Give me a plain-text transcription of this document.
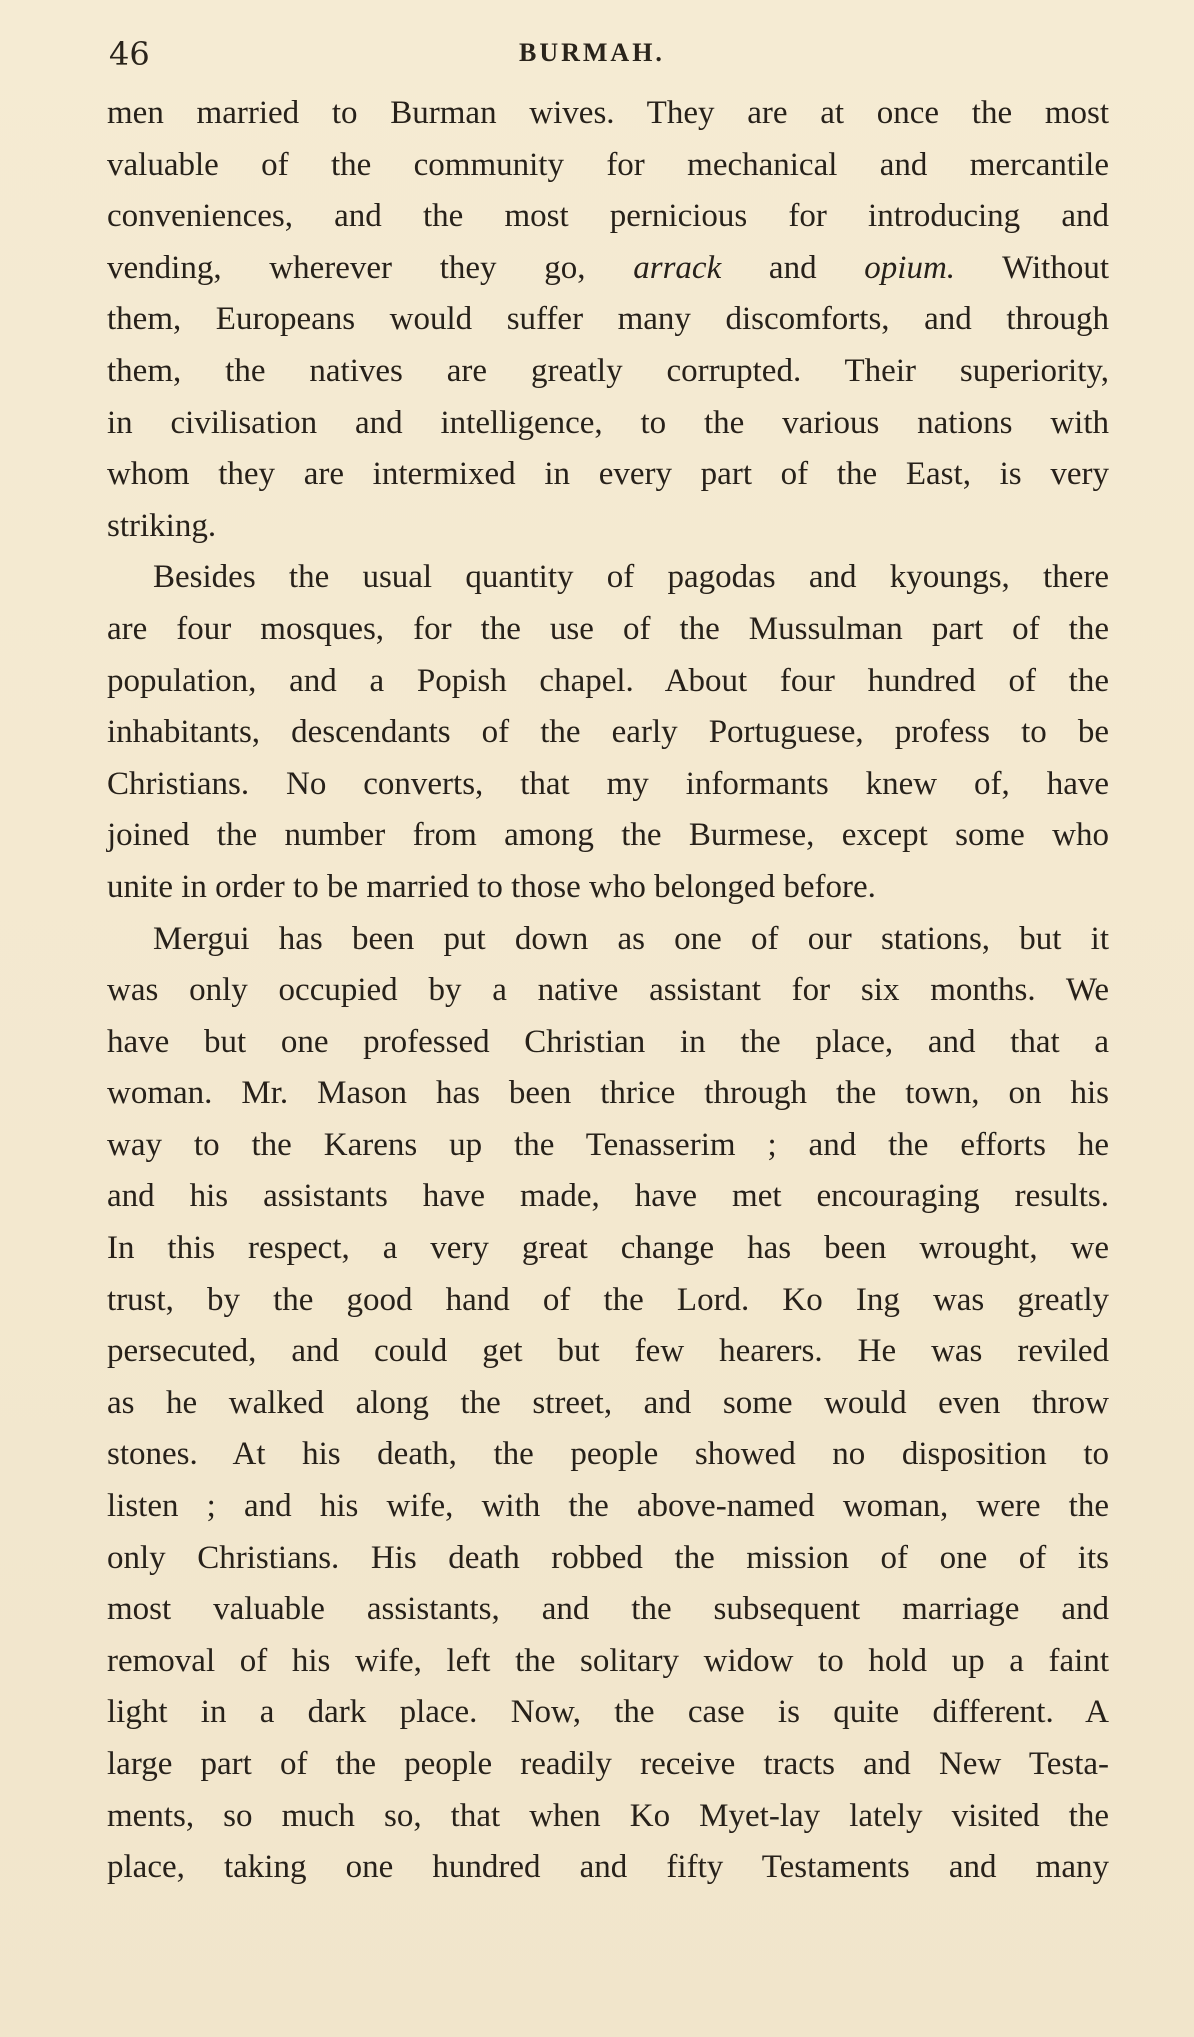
46	BURMAH.
men married to Burman wives. They are at once the most
valuable of the community for mechanical and mercantile
conveniences, and the most pernicious for introducing and
vending, wherever they go, arrack and opium. Without
them, Europeans would suffer many discomforts, and through
them, the natives are greatly corrupted. Their superiority,
in civilisation and intelligence, to the various nations with
whom they are intermixed in every part of the East, is very
striking.
Besides the usual quantity of pagodas and kyoungs, there
are four mosques, for the use of the Mussulman part of the
population, and a Popish chapel. About four hundred of the
inhabitants, descendants of the early Portuguese, profess to be
Christians. No converts, that my informants knew of, have
joined the number from among the Burmese, except some who
unite in order to be married to those who belonged before.
Mergui has been put down as one of our stations, but it
was only occupied by a native assistant for six months. We
have but one professed Christian in the place, and that a
woman. Mr. Mason has been thrice through the town, on his
way to the Karens up the Tenasserim ; and the efforts he
and his assistants have made, have met encouraging results.
In this respect, a very great change has been wrought, we
trust, by the good hand of the Lord. Ko Ing was greatly
persecuted, and could get but few hearers. He was reviled
as he walked along the street, and some would even throw
stones. At his death, the people showed no disposition to
listen ; and his wife, with the above-named woman, were the
only Christians. His death robbed the mission of one of its
most valuable assistants, and the subsequent marriage and
removal of his wife, left the solitary widow to hold up a faint
light in a dark place. Now, the case is quite different. A
large part of the people readily receive tracts and New Testa-
ments, so much so, that when Ko Myet-lay lately visited the
place, taking one hundred and fifty Testaments and many
